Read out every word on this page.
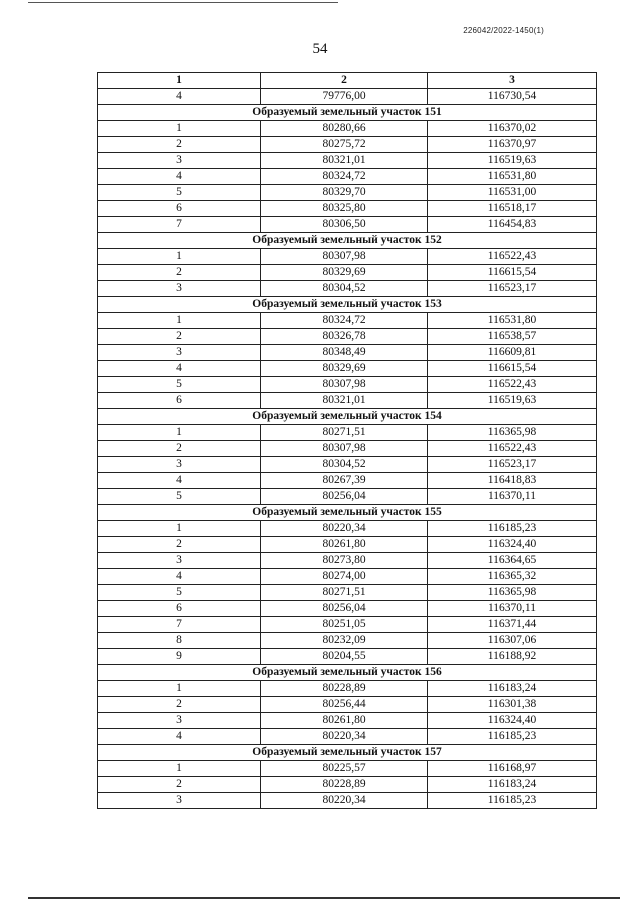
226042/2022-1450(1)
54
1	2	3
4	79776,00	116730,54
Образуемый земельный участок 151		
1	80280,66	116370,02
2	80275,72	116370,97
3	80321,01	116519,63
4	80324,72	116531,80
5	80329,70	116531,00
6	80325,80	116518,17
7	80306,50	116454,83
Образуемый земельный участок 152		
1	80307,98	116522,43
2	80329,69	116615,54
3	80304,52	116523,17
Образуемый земельный участок 153		
1	80324,72	116531,80
2	80326,78	116538,57
3	80348,49	116609,81
4	80329,69	116615,54
5	80307,98	116522,43
6	80321,01	116519,63
Образуемый земельный участок 154		
1	80271,51	116365,98
2	80307,98	116522,43
3	80304,52	116523,17
4	80267,39	116418,83
5	80256,04	116370,11
Образуемый земельный участок 155		
1	80220,34	116185,23
2	80261,80	116324,40
3	80273,80	116364,65
4	80274,00	116365,32
5	80271,51	116365,98
6	80256,04	116370,11
7	80251,05	116371,44
8	80232,09	116307,06
9	80204,55	116188,92
Образуемый земельный участок 156		
1	80228,89	116183,24
2	80256,44	116301,38
3	80261,80	116324,40
4	80220,34	116185,23
Образуемый земельный участок 157		
1	80225,57	116168,97
2	80228,89	116183,24
3	80220,34	116185,23
